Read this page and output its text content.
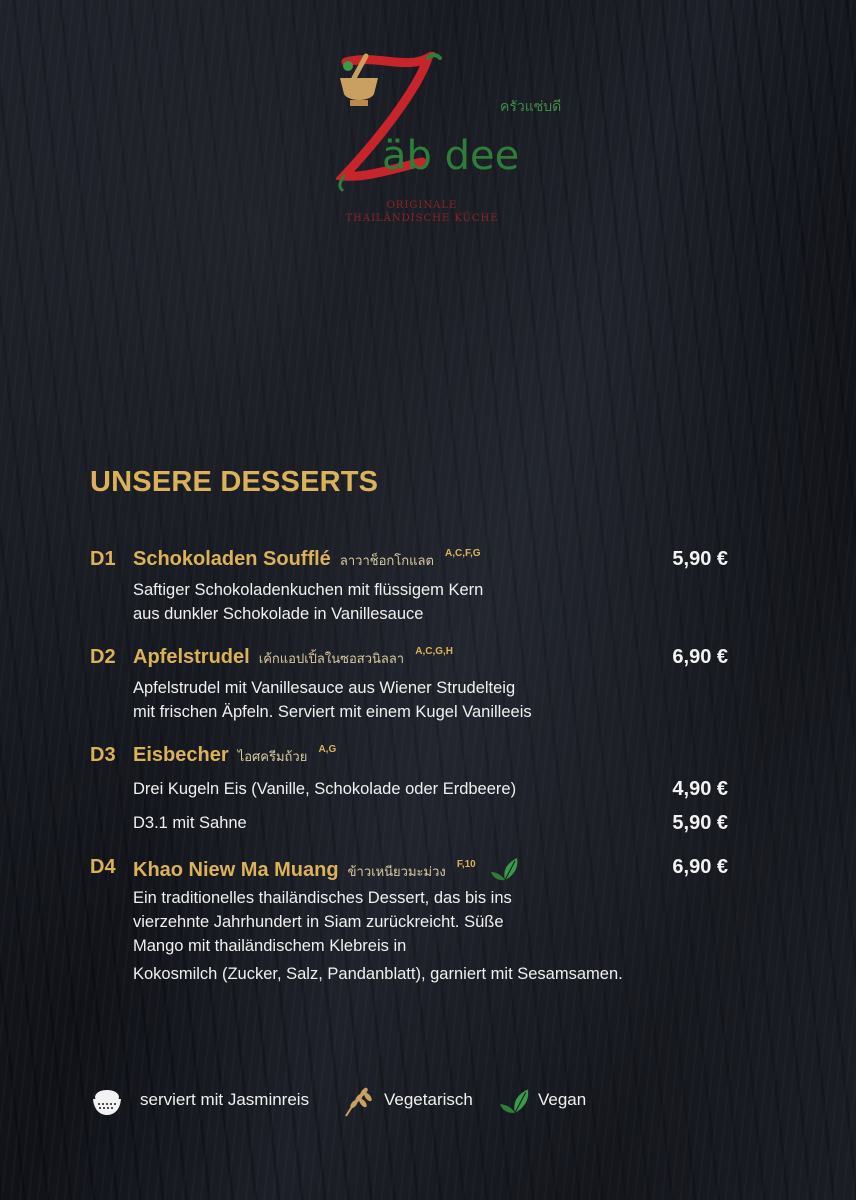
äb dee
ครัวแซ่บดี
ORIGINALE
THAILÄNDISCHE KÜCHE
UNSERE DESSERTS
D1 Schokoladen Soufflé ลาวาช็อกโกแลต $^{A,C,F,G}$	5,90 €
Saftiger Schokoladenkuchen mit flüssigem Kern
aus dunkler Schokolade in Vanillesauce
D2 Apfelstrudel เค้กแอปเปิ้ลในซอสวนิลลา $^{A,C,G,H}$	6,90 €
Apfelstrudel mit Vanillesauce aus Wiener Strudelteig
mit frischen Äpfeln. Serviert mit einem Kugel Vanilleeis
D3 Eisbecher ไอศครีมถ้วย $^{A,G}$
Drei Kugeln Eis (Vanille, Schokolade oder Erdbeere)	4,90 €
D3.1 mit Sahne	5,90 €
D4 Khao Niew Ma Muang ข้าวเหนียวมะม่วง $^{F,10}$	6,90 €
Ein traditionelles thailändisches Dessert, das bis ins
vierzehnte Jahrhundert in Siam zurückreicht. Süße
Mango mit thailändischem Klebreis in
Kokosmilch (Zucker, Salz, Pandanblatt), garniert mit Sesamsamen.
serviert mit Jasminreis	Vegetarisch	Vegan
